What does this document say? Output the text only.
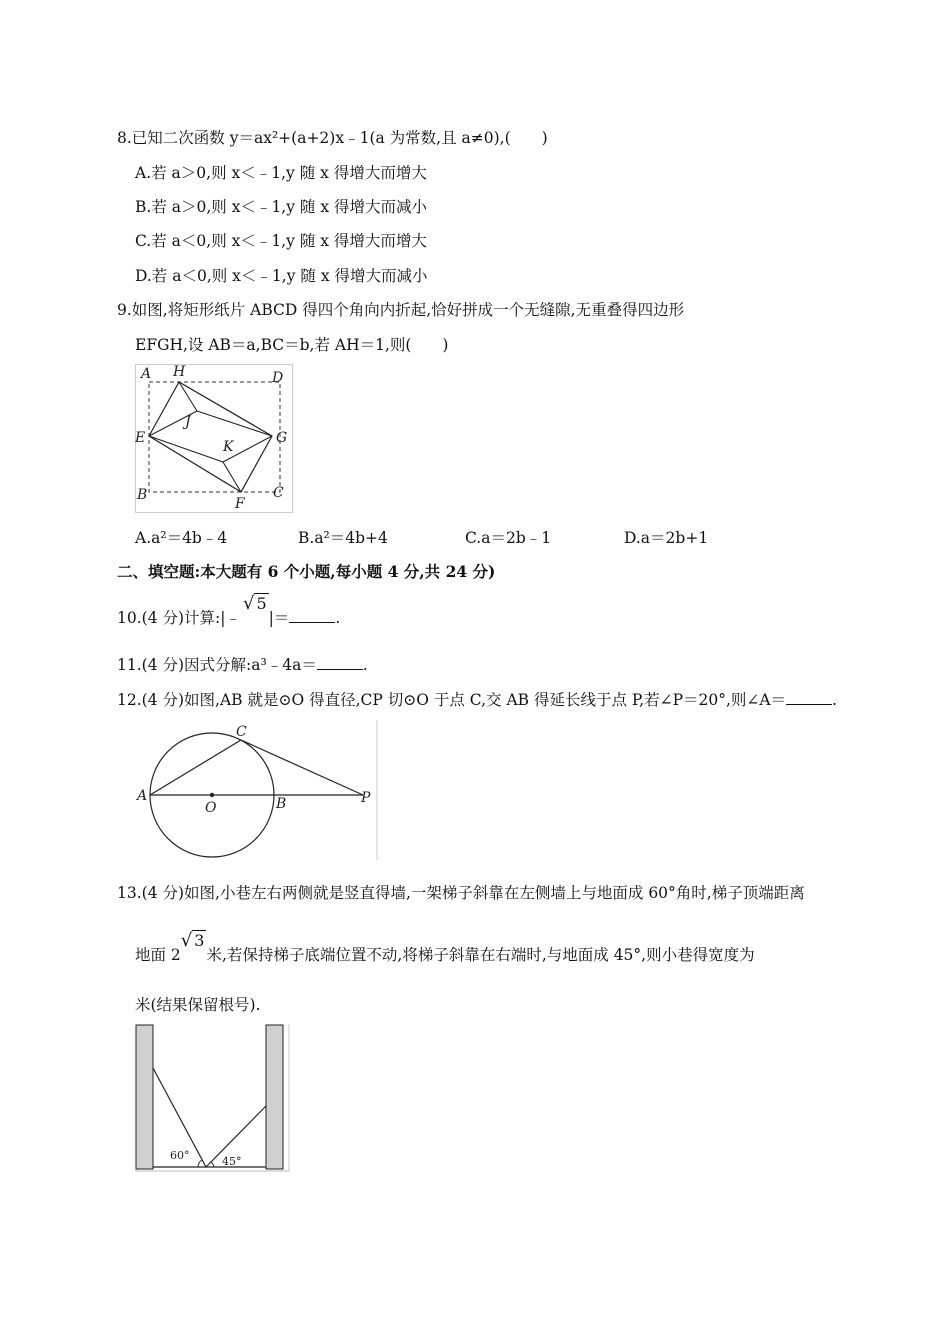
8.已知二次函数 y＝ax²+(a+2)x﹣1(a 为常数,且 a≠0),(　　)
A.若 a＞0,则 x＜﹣1,y 随 x 得增大而增大
B.若 a＞0,则 x＜﹣1,y 随 x 得增大而减小
C.若 a＜0,则 x＜﹣1,y 随 x 得增大而增大
D.若 a＜0,则 x＜﹣1,y 随 x 得增大而减小
9.如图,将矩形纸片 ABCD 得四个角向内折起,恰好拼成一个无缝隙,无重叠得四边形
EFGH,设 AB＝a,BC＝b,若 AH＝1,则(　　)
A H	D
E
J
G
K
B
F
C
A.a²＝4b﹣4	B.a²＝4b+4	C.a＝2b﹣1	D.a＝2b+1
二、填空题:本大题有 6 个小题,每小题 4 分,共 24 分)
10.(4 分)计算:|﹣√ 5|＝	.
11.(4 分)因式分解:a³﹣4a＝	.
12.(4 分)如图,AB 就是⊙O 得直径,CP 切⊙O 于点 C,交 AB 得延长线于点 P,若∠P＝20°,则∠A＝	.
A
O	B	P
C
13.(4 分)如图,小巷左右两侧就是竖直得墙,一架梯子斜靠在左侧墙上与地面成 60°角时,梯子顶端距离
地面 2√ 3米,若保持梯子底端位置不动,将梯子斜靠在右端时,与地面成 45°,则小巷得宽度为
米(结果保留根号).
60°	45°
